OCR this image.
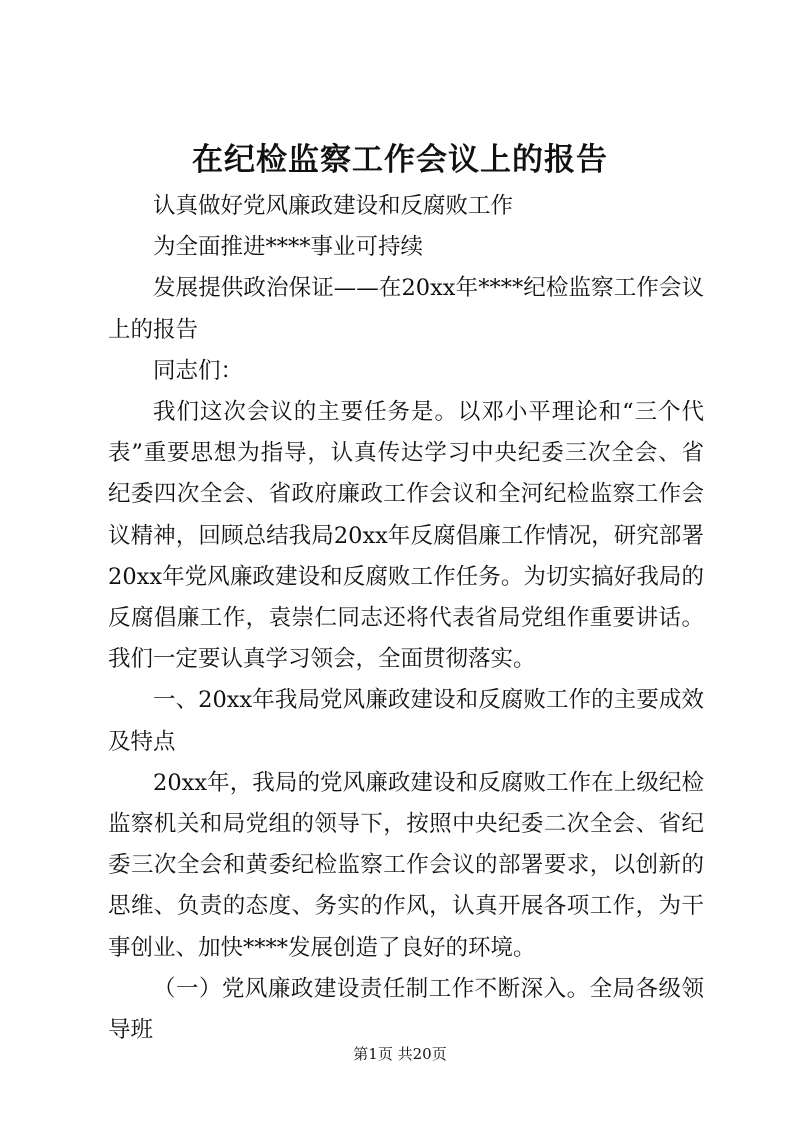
在纪检监察工作会议上的报告

认真做好党风廉政建设和反腐败工作

为全面推进****事业可持续

发展提供政治保证——在20xx年****纪检监察工作会议上的报告

同志们：

我们这次会议的主要任务是。以邓小平理论和“三个代表”重要思想为指导，认真传达学习中央纪委三次全会、省纪委四次全会、省政府廉政工作会议和全河纪检监察工作会议精神，回顾总结我局20xx年反腐倡廉工作情况，研究部署20xx年党风廉政建设和反腐败工作任务。为切实搞好我局的反腐倡廉工作，袁崇仁同志还将代表省局党组作重要讲话。我们一定要认真学习领会，全面贯彻落实。

一、20xx年我局党风廉政建设和反腐败工作的主要成效及特点

20xx年，我局的党风廉政建设和反腐败工作在上级纪检监察机关和局党组的领导下，按照中央纪委二次全会、省纪委三次全会和黄委纪检监察工作会议的部署要求，以创新的思维、负责的态度、务实的作风，认真开展各项工作，为干事创业、加快****发展创造了良好的环境。

（一）党风廉政建设责任制工作不断深入。全局各级领导班

第1页 共20页
